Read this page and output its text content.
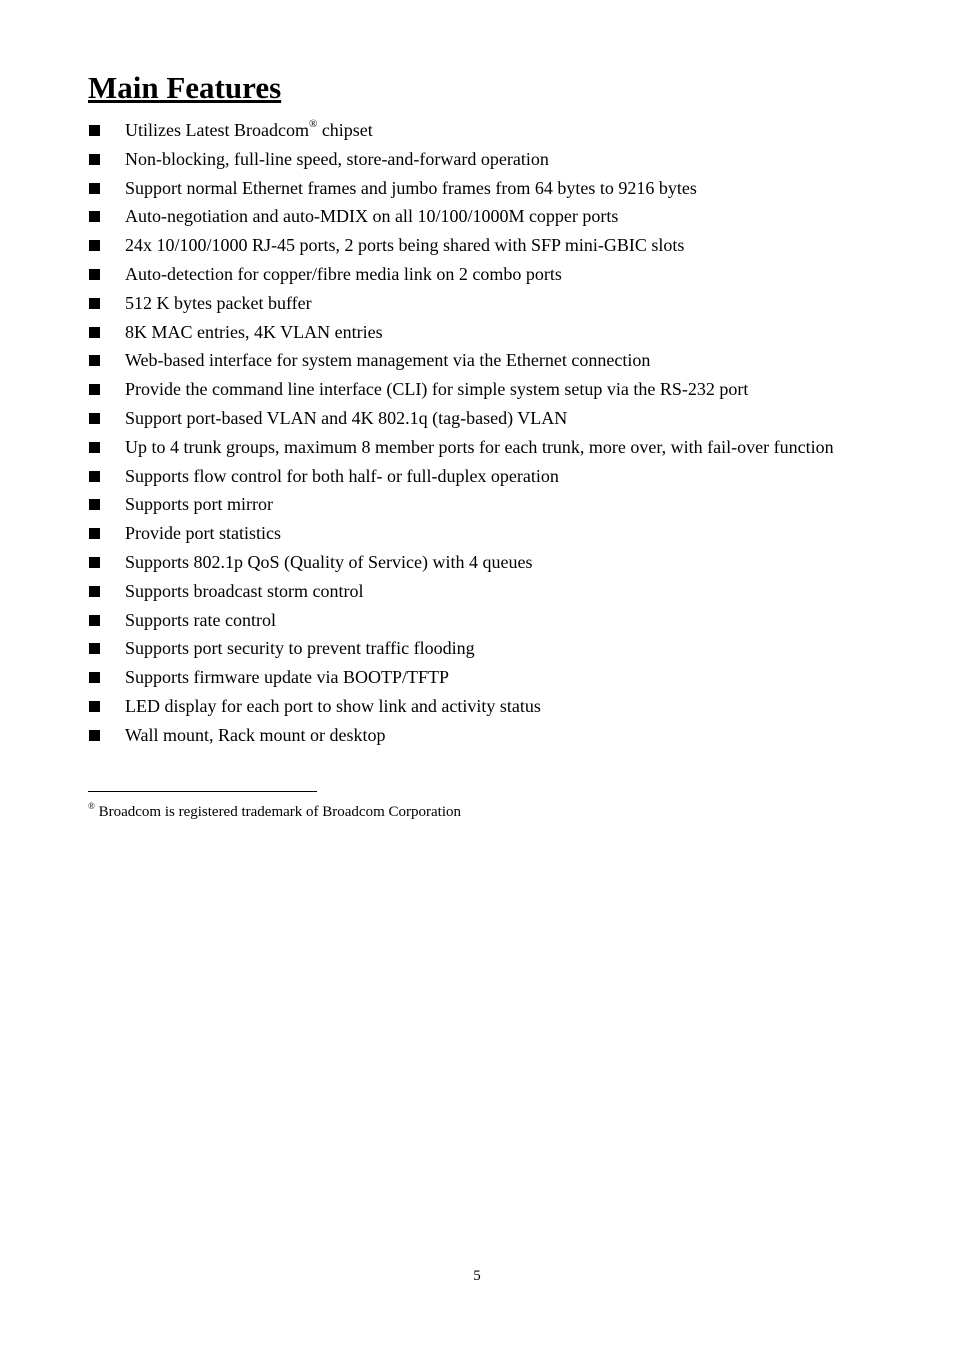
Main Features
Utilizes Latest Broadcom® chipset
Non-blocking, full-line speed, store-and-forward operation
Support normal Ethernet frames and jumbo frames from 64 bytes to 9216 bytes
Auto-negotiation and auto-MDIX on all 10/100/1000M copper ports
24x 10/100/1000 RJ-45 ports, 2 ports being shared with SFP mini-GBIC slots
Auto-detection for copper/fibre media link on 2 combo ports
512 K bytes packet buffer
8K MAC entries, 4K VLAN entries
Web-based interface for system management via the Ethernet connection
Provide the command line interface (CLI) for simple system setup via the RS-232 port
Support port-based VLAN and 4K 802.1q (tag-based) VLAN
Up to 4 trunk groups, maximum 8 member ports for each trunk, more over, with fail-over function
Supports flow control for both half- or full-duplex operation
Supports port mirror
Provide port statistics
Supports 802.1p QoS (Quality of Service) with 4 queues
Supports broadcast storm control
Supports rate control
Supports port security to prevent traffic flooding
Supports firmware update via BOOTP/TFTP
LED display for each port to show link and activity status
Wall mount, Rack mount or desktop
® Broadcom is registered trademark of Broadcom Corporation
5
